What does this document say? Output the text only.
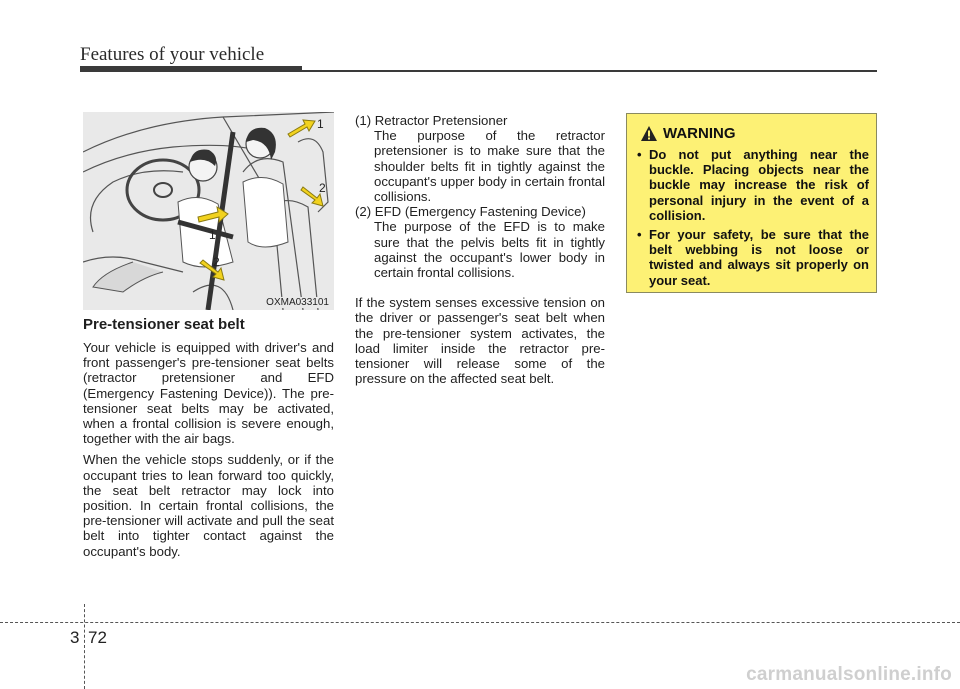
Features of your vehicle
1
2
1
2
OXMA033101
Pre-tensioner seat belt

Your vehicle is equipped with driver's and front passenger's pre-tensioner seat belts (retractor pretensioner and EFD (Emergency Fastening Device)). The pre-tensioner seat belts may be activated, when a frontal collision is severe enough, together with the air bags.

When the vehicle stops suddenly, or if the occupant tries to lean forward too quickly, the seat belt retractor may lock into position. In certain frontal collisions, the pre-tensioner will activate and pull the seat belt into tighter contact against the occupant's body.

(1) Retractor Pretensioner
The purpose of the retractor pretensioner is to make sure that the shoulder belts fit in tightly against the occupant's upper body in certain frontal collisions.
(2) EFD (Emergency Fastening Device)
The purpose of the EFD is to make sure that the pelvis belts fit in tightly against the occupant's lower body in certain frontal collisions.

If the system senses excessive tension on the driver or passenger's seat belt when the pre-tensioner system activates, the load limiter inside the retractor pre-tensioner will release some of the pressure on the affected seat belt.

WARNING
• Do not put anything near the buckle. Placing objects near the buckle may increase the risk of personal injury in the event of a collision.
• For your safety, be sure that the belt webbing is not loose or twisted and always sit properly on your seat.
3 72
carmanualsonline.info
